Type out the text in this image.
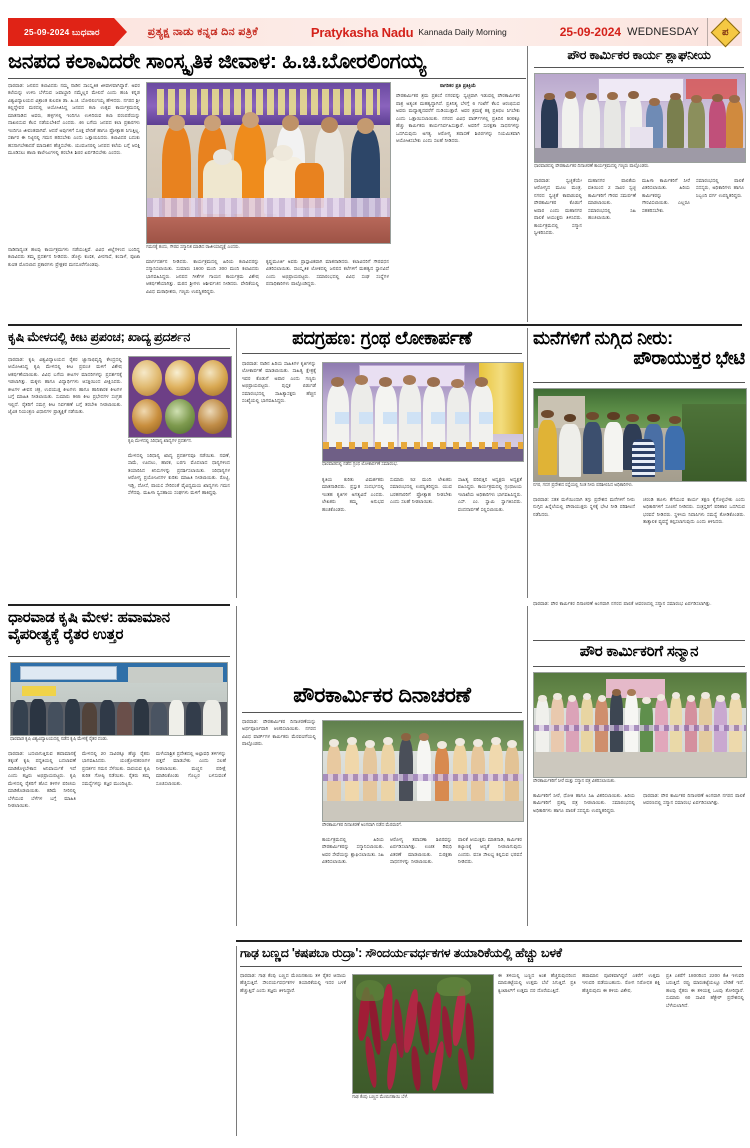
25-09-2024 ಬುಧವಾರ	ಪ್ರತ್ಯಕ್ಷ ನಾಡು ಕನ್ನಡ ದಿನ ಪತ್ರಿಕೆ	Pratykasha Nadu Kannada Daily Morning	25-09-2024 WEDNESDAY ಪ
ಜನಪದ ಕಲಾವಿದರೇ ಸಾಂಸ್ಕೃತಿಕ ಜೀವಾಳ: ಹಿ.ಚಿ.ಬೋರಲಿಂಗಯ್ಯ
ಗಮನಕ್ಕೆ ತಂದು, ಗೌರವ ಸನ್ಮಾನಿತ ಮಾಡಿದ ರಾಜೀಯಾದ್ಯಕ್ಷೆ ಎಂದರು.
ಧಾರವಾಡ: ಜನಪದ ಕಲಾವಿದರು ನಮ್ಮ ನಾಡಿನ ಸಾಂಸ್ಕೃತಿಕ ಜೀವಾಳವಾಗಿದ್ದಾರೆ. ಅವರ ಕಲೆಯನ್ನು ಉಳಿಸಿ ಬೆಳೆಸುವ ಜವಾಬ್ದಾರಿ ನಮ್ಮೆಲ್ಲರ ಮೇಲಿದೆ ಎಂದು ಹಂಪಿ ಕನ್ನಡ ವಿಶ್ವವಿದ್ಯಾಲಯದ ವಿಶ್ರಾಂತ ಕುಲಪತಿ ಡಾ. ಹಿ.ಚಿ. ಬೋರಲಿಂಗಯ್ಯ ಹೇಳಿದರು. ನಗರದ ಶ್ರೀ ಕಲ್ಲಿದ್ದೇವರ ಮಠದಲ್ಲಿ ಆಯೋಜಿಸಿದ್ದ ಜನಪದ ಕಲಾ ಉತ್ಸವ ಕಾರ್ಯಕ್ರಮದಲ್ಲಿ ಮಾತನಾಡಿದ ಅವರು, ಹಳ್ಳಿಗಳಲ್ಲಿ ಇಂದಿಗೂ ಉಳಿದಿರುವ ಕಲಾ ಪರಂಪರೆಯನ್ನು ದಾಖಲಿಸುವ ಕೆಲಸ ನಡೆಯಬೇಕಿದೆ ಎಂದರು. 46 ಬಗೆಯ ಜನಪದ ಕಲಾ ಪ್ರಕಾರಗಳು ಇಂದಿಗೂ ಜೀವಂತವಾಗಿವೆ. ಆದರೆ ಅವುಗಳಿಗೆ ಸೂಕ್ತ ವೇದಿಕೆ ಹಾಗೂ ಪ್ರೋತ್ಸಾಹ ಸಿಗುತ್ತಿಲ್ಲ. ಸರ್ಕಾರ ಈ ನಿಟ್ಟಿನಲ್ಲಿ ಗಮನ ಹರಿಸಬೇಕು ಎಂದು ಒತ್ತಾಯಿಸಿದರು. ಕಲಾವಿದರ ಬದುಕು ಹಸನಾಗಬೇಕಾದರೆ ಮಾಸಾಶನ ಹೆಚ್ಚಿಸಬೇಕು. ಯುವಜನರಲ್ಲಿ ಜನಪದ ಕಲೆಯ ಬಗ್ಗೆ ಆಸಕ್ತಿ ಮೂಡಿಸಲು ಶಾಲಾ ಕಾಲೇಜುಗಳಲ್ಲಿ ತರಬೇತಿ ಶಿಬಿರ ಏರ್ಪಡಿಸಬೇಕು ಎಂದರು.
ನಾಡಿನಾದ್ಯಂತ ಹಲವು ಕಾರ್ಯಕ್ರಮಗಳು ನಡೆಯುತ್ತಿವೆ. ವಿವಿಧ ಜಿಲ್ಲೆಗಳಿಂದ ಬಂದಿದ್ದ ಕಲಾವಿದರು ತಮ್ಮ ಪ್ರದರ್ಶನ ನೀಡಿದರು. ಡೊಳ್ಳು ಕುಣಿತ, ವೀರಗಾಸೆ, ಕಂಸಾಳೆ, ಪೂಜಾ ಕುಣಿತ ಮೊದಲಾದ ಪ್ರಕಾರಗಳು ಪ್ರೇಕ್ಷಕರ ಮನಸೂರೆಗೊಂಡವು.
ಮಾರ್ಗದರ್ಶನ ನೀಡಿದರು. ಕಾರ್ಯಕ್ರಮದಲ್ಲಿ ಹಿರಿಯ ಕಲಾವಿದರನ್ನು ಸನ್ಮಾನಿಸಲಾಯಿತು. ಸುಮಾರು 1600 ಮಂದಿ 300 ಮಂದಿ ಕಲಾವಿದರು ಭಾಗವಹಿಸಿದ್ದರು. ಜನಪದ ಗೀತೆಗಳ ಗಾಯನ ಕಾರ್ಯಕ್ರಮ ವಿಶೇಷ ಆಕರ್ಷಣೆಯಾಗಿತ್ತು. ಮಠದ ಶ್ರೀಗಳು ಆಶೀರ್ವಚನ ನೀಡಿದರು. ವೇದಿಕೆಯಲ್ಲಿ ವಿವಿಧ ಮಠಾಧೀಶರು, ಗಣ್ಯರು ಉಪಸ್ಥಿತರಿದ್ದರು.
ಕೃಷ್ಣಮೂರ್ತಿ ಅವರು ಪ್ರಾಸ್ತಾವಿಕವಾಗಿ ಮಾತನಾಡಿದರು. ಕಲಾವಿದರಿಗೆ ಗೌರವಧನ ವಿತರಿಸಲಾಯಿತು. ಸಾಂಸ್ಕೃತಿಕ ಲೋಕದಲ್ಲಿ ಜನಪದ ಕಲೆಗಳಿಗೆ ಮಹತ್ವದ ಸ್ಥಾನವಿದೆ ಎಂದು ಅಭಿಪ್ರಾಯಪಟ್ಟರು. ಸಮಾರಂಭದಲ್ಲಿ ವಿವಿಧ ಸಂಘ ಸಂಸ್ಥೆಗಳ ಪದಾಧಿಕಾರಿಗಳು ಪಾಲ್ಗೊಂಡಿದ್ದರು.
ನಾಗರಿಕರ ಪ್ರತಿ ಪ್ರತಿಕ್ರಿಯೆ
ಪೌರಕಾರ್ಮಿಕರ ಶ್ರಮ ಪ್ರಶಂಸೆ ನಗರವನ್ನು ಸ್ವಚ್ಛವಾಗಿ ಇಡುವಲ್ಲಿ ಪೌರಕಾರ್ಮಿಕರ ಪಾತ್ರ ಅತ್ಯಂತ ಮಹತ್ವದ್ದಾಗಿದೆ. ಪ್ರತಿನಿತ್ಯ ಬೆಳಗ್ಗೆ 6 ಗಂಟೆಗೆ ಕೆಲಸ ಆರಂಭಿಸುವ ಅವರು ಮಧ್ಯಾಹ್ನದವರೆಗೆ ದುಡಿಯುತ್ತಾರೆ. ಅವರ ಶ್ರಮಕ್ಕೆ ತಕ್ಕ ಪ್ರತಿಫಲ ಸಿಗಬೇಕು ಎಂದು ಒತ್ತಾಯಿಸಲಾಯಿತು. ನಗರದ ವಿವಿಧ ವಾರ್ಡ್‌ಗಳಲ್ಲಿ ಪ್ರತಿದಿನ 500ಕ್ಕೂ ಹೆಚ್ಚು ಕಾರ್ಮಿಕರು ಕಾರ್ಯನಿರ್ವಹಿಸುತ್ತಾರೆ. ಅವರಿಗೆ ಸುರಕ್ಷತಾ ಸಾಧನಗಳನ್ನು ಒದಗಿಸುವುದು ಅಗತ್ಯ. ಆರೋಗ್ಯ ತಪಾಸಣೆ ಶಿಬಿರಗಳನ್ನು ನಿಯಮಿತವಾಗಿ ಆಯೋಜಿಸಬೇಕು ಎಂದು ಸಲಹೆ ನೀಡಿದರು.
ಪೌರ ಕಾರ್ಮಿಕರ ಕಾರ್ಯ ಶ್ಲಾಘನೀಯ
ಧಾರವಾಡದಲ್ಲಿ ಪೌರಕಾರ್ಮಿಕರ ದಿನಾಚರಣೆ ಕಾರ್ಯಕ್ರಮದಲ್ಲಿ ಗಣ್ಯರು ಪಾಲ್ಗೊಂಡರು.
ಧಾರವಾಡ: ಸ್ವಚ್ಛತೆಯೇ ಆರೋಗ್ಯದ ಮೂಲ ಮಂತ್ರ. ನಗರದ ಸ್ವಚ್ಛತೆ ಕಾಪಾಡುವಲ್ಲಿ ಪೌರಕಾರ್ಮಿಕರ ಕೊಡುಗೆ ಅಪಾರ ಎಂದು ಮಹಾನಗರ ಪಾಲಿಕೆ ಆಯುಕ್ತರು ತಿಳಿಸಿದರು. ಕಾರ್ಯಕ್ರಮದಲ್ಲಿ ಸನ್ಮಾನ ಸ್ವೀಕರಿಸಿದರು.
ಮಹಾನಗರ ಪಾಲಿಕೆಯ ವತಿಯಿಂದ 2 ಸಾವಿರ ಸ್ವಚ್ಛ ಕಾರ್ಮಿಕರಿಗೆ ಗೌರವ ಸಮರ್ಪಣೆ ಮಾಡಲಾಯಿತು. ಸಮಾರಂಭದಲ್ಲಿ ಸಿಹಿ ಹಂಚಲಾಯಿತು.
ಮಹಿಳಾ ಕಾರ್ಮಿಕರಿಗೆ ಸೀರೆ ವಿತರಿಸಲಾಯಿತು. ಹಿರಿಯ ಕಾರ್ಮಿಕರನ್ನು ಗೌರವಿಸಲಾಯಿತು. ಎಲ್ಲರೂ ಸಹಕರಿಸಬೇಕು.
ಸಮಾರಂಭದಲ್ಲಿ ಪಾಲಿಕೆ ಸದಸ್ಯರು, ಅಧಿಕಾರಿಗಳು ಹಾಗೂ ಸಿಬ್ಬಂದಿ ವರ್ಗ ಉಪಸ್ಥಿತರಿದ್ದರು.
ಕೃಷಿ ಮೇಳದಲ್ಲಿ ಕೀಟ ಪ್ರಪಂಚ; ಖಾದ್ಯ ಪ್ರದರ್ಶನ
ಕೃಷಿ ಮೇಳದಲ್ಲಿ ಸಿರಿಧಾನ್ಯ ಖಾದ್ಯಗಳ ಪ್ರದರ್ಶನ.
ಧಾರವಾಡ: ಕೃಷಿ ವಿಶ್ವವಿದ್ಯಾಲಯದ ರೈತರ ಜ್ಞಾನಾಭಿವೃದ್ಧಿ ಕೇಂದ್ರದಲ್ಲಿ ಆಯೋಜಿಸಿದ್ದ ಕೃಷಿ ಮೇಳದಲ್ಲಿ ಕೀಟ ಪ್ರಪಂಚ ಮಳಿಗೆ ವಿಶೇಷ ಆಕರ್ಷಣೆಯಾಯಿತು. ವಿವಿಧ ಬಗೆಯ ಕೀಟಗಳ ಮಾದರಿಗಳನ್ನು ಪ್ರದರ್ಶನಕ್ಕೆ ಇಡಲಾಗಿತ್ತು. ಮಕ್ಕಳು ಹಾಗೂ ವಿದ್ಯಾರ್ಥಿಗಳು ಆಸಕ್ತಿಯಿಂದ ವೀಕ್ಷಿಸಿದರು. ಕೀಟಗಳ ಜೀವನ ಚಕ್ರ, ಉಪಯುಕ್ತ ಕೀಟಗಳು ಹಾಗೂ ಹಾನಿಕಾರಕ ಕೀಟಗಳ ಬಗ್ಗೆ ಮಾಹಿತಿ ನೀಡಲಾಯಿತು. ಸುಮಾರು 965 ಕೀಟ ಪ್ರಭೇದಗಳ ಸಂಗ್ರಹ ಇಲ್ಲಿದೆ. ರೈತರಿಗೆ ಸಮಗ್ರ ಕೀಟ ನಿರ್ವಹಣೆ ಬಗ್ಗೆ ತರಬೇತಿ ನೀಡಲಾಯಿತು. ಜೈವಿಕ ನಿಯಂತ್ರಣ ವಿಧಾನಗಳ ಪ್ರಾತ್ಯಕ್ಷಿಕೆ ನಡೆಯಿತು.
ಮೇಳದಲ್ಲಿ ಸಿರಿಧಾನ್ಯ ಖಾದ್ಯ ಪ್ರದರ್ಶನವೂ ನಡೆಯಿತು. ನವಣೆ, ಸಾಮೆ, ಊದಲು, ಹಾರಕ, ಬರಗು ಮೊದಲಾದ ಧಾನ್ಯಗಳಿಂದ ತಯಾರಿಸಿದ ತಿನಿಸುಗಳನ್ನು ಪ್ರದರ್ಶಿಸಲಾಯಿತು. ಸಿರಿಧಾನ್ಯಗಳ ಆರೋಗ್ಯ ಪ್ರಯೋಜನಗಳ ಕುರಿತು ಮಾಹಿತಿ ನೀಡಲಾಯಿತು. ರೊಟ್ಟಿ, ಇಡ್ಲಿ, ದೋಸೆ, ಪಾಯಸ ಸೇರಿದಂತೆ ವೈವಿಧ್ಯಮಯ ಖಾದ್ಯಗಳು ಗಮನ ಸೆಳೆದವು. ಮಹಿಳಾ ಸ್ವಸಹಾಯ ಸಂಘಗಳು ಮಳಿಗೆ ಹಾಕಿದ್ದವು.
ಪದಗ್ರಹಣ: ಗ್ರಂಥ ಲೋಕಾರ್ಪಣೆ
ಧಾರವಾಡದಲ್ಲಿ ನಡೆದ ಗ್ರಂಥ ಲೋಕಾರ್ಪಣೆ ಸಮಾರಂಭ.
ಧಾರವಾಡ: ನಾಡಿನ ಹಿರಿಯ ಸಾಹಿತಿಗಳ ಕೃತಿಗಳನ್ನು ಲೋಕಾರ್ಪಣೆ ಮಾಡಲಾಯಿತು. ಸಾಹಿತ್ಯ ಕ್ಷೇತ್ರಕ್ಕೆ ಇವರ ಕೊಡುಗೆ ಅಪಾರ ಎಂದು ಗಣ್ಯರು ಅಭಿಪ್ರಾಯಪಟ್ಟರು. ಪುಸ್ತಕ ಬಿಡುಗಡೆ ಸಮಾರಂಭದಲ್ಲಿ ಸಾಹಿತ್ಯಾಸಕ್ತರು ಹೆಚ್ಚಿನ ಸಂಖ್ಯೆಯಲ್ಲಿ ಭಾಗವಹಿಸಿದ್ದರು.
ಕೃತಿಯ ಕುರಿತು ವಿಮರ್ಶಕರು ಮಾತನಾಡಿದರು. ಪ್ರಸ್ತುತ ಸಂದರ್ಭದಲ್ಲಿ ಇಂತಹ ಕೃತಿಗಳ ಅಗತ್ಯವಿದೆ ಎಂದರು. ಲೇಖಕರು ತಮ್ಮ ಅನುಭವ ಹಂಚಿಕೊಂಡರು.
ಸುಮಾರು 52 ಮಂದಿ ಲೇಖಕರು ಸಮಾರಂಭದಲ್ಲಿ ಉಪಸ್ಥಿತರಿದ್ದರು. ಯುವ ಬರಹಗಾರರಿಗೆ ಪ್ರೋತ್ಸಾಹ ನೀಡಬೇಕು ಎಂದು ಸಲಹೆ ನೀಡಲಾಯಿತು.
ಸಾಹಿತ್ಯ ಪರಿಷತ್ತಿನ ಅಧ್ಯಕ್ಷರು ಅಧ್ಯಕ್ಷತೆ ವಹಿಸಿದ್ದರು. ಕಾರ್ಯಕ್ರಮದಲ್ಲಿ ಗ್ರಂಥಾಲಯ ಇಲಾಖೆಯ ಅಧಿಕಾರಿಗಳು ಭಾಗವಹಿಸಿದ್ದರು. ಎಸ್. ಎಂ. ಸ್ವಾಮಿ ಸ್ವಾಗತಿಸಿದರು. ವಂದನಾರ್ಪಣೆ ಸಲ್ಲಿಸಲಾಯಿತು.
ಮನೆಗಳಿಗೆ ನುಗ್ಗಿದ ನೀರು:
ಪೌರಾಯುಕ್ತರ ಭೇಟಿ
ನಗರ, ಗದಗ ಪ್ರದೇಶದ ರಸ್ತೆಯಲ್ಲಿ ನಿಂತ ನೀರು ಪರಿಶೀಲಿಸಿದ ಅಧಿಕಾರಿಗಳು.
ಧಾರವಾಡ: ಸತತ ಮಳೆಯಿಂದಾಗಿ ತಗ್ಗು ಪ್ರದೇಶದ ಮನೆಗಳಿಗೆ ನೀರು ನುಗ್ಗಿದ ಹಿನ್ನೆಲೆಯಲ್ಲಿ ಪೌರಾಯುಕ್ತರು ಸ್ಥಳಕ್ಕೆ ಭೇಟಿ ನೀಡಿ ಪರಿಶೀಲನೆ ನಡೆಸಿದರು.
ಚರಂಡಿ ಹೂಳು ತೆಗೆಯುವ ಕಾರ್ಯ ತಕ್ಷಣ ಕೈಗೊಳ್ಳಬೇಕು ಎಂದು ಅಧಿಕಾರಿಗಳಿಗೆ ಸೂಚನೆ ನೀಡಿದರು. ಸಂತ್ರಸ್ತರಿಗೆ ಪರಿಹಾರ ಒದಗಿಸುವ ಭರವಸೆ ನೀಡಿದರು. ಸ್ಥಳೀಯ ನಿವಾಸಿಗಳು ಸಮಸ್ಯೆ ತೋಡಿಕೊಂಡರು. ತಾತ್ಕಾಲಿಕ ವ್ಯವಸ್ಥೆ ಕಲ್ಪಿಸಲಾಗುವುದು ಎಂದು ತಿಳಿಸಿದರು.
ಧಾರವಾಡ ಕೃಷಿ ಮೇಳ: ಹವಾಮಾನ
ವೈಪರೀತ್ಯಕ್ಕೆ ರೈತರ ಉತ್ತರ
ಧಾರವಾಡ ಕೃಷಿ ವಿಶ್ವವಿದ್ಯಾಲಯದಲ್ಲಿ ನಡೆದ ಕೃಷಿ ಮೇಳಕ್ಕೆ ರೈತರ ದಂಡು.
ಧಾರವಾಡ: ಬದಲಾಗುತ್ತಿರುವ ಹವಾಮಾನಕ್ಕೆ ತಕ್ಕಂತೆ ಕೃಷಿ ಪದ್ಧತಿಯಲ್ಲಿ ಬದಲಾವಣೆ ಮಾಡಿಕೊಳ್ಳಬೇಕಾದ ಅನಿವಾರ್ಯತೆ ಇದೆ ಎಂದು ತಜ್ಞರು ಅಭಿಪ್ರಾಯಪಟ್ಟರು. ಕೃಷಿ ಮೇಳದಲ್ಲಿ ರೈತರಿಗೆ ಹೊಸ ತಳಿಗಳ ಪರಿಚಯ ಮಾಡಿಕೊಡಲಾಯಿತು. ಕಡಿಮೆ ನೀರಿನಲ್ಲಿ ಬೆಳೆಯುವ ಬೆಳೆಗಳ ಬಗ್ಗೆ ಮಾಹಿತಿ ನೀಡಲಾಯಿತು.
ಮೇಳದಲ್ಲಿ 20 ಸಾವಿರಕ್ಕೂ ಹೆಚ್ಚು ರೈತರು ಭಾಗವಹಿಸಿದರು. ಯಂತ್ರೋಪಕರಣಗಳ ಪ್ರದರ್ಶನ ಗಮನ ಸೆಳೆಯಿತು. ಸಾವಯವ ಕೃಷಿ ಕುರಿತ ಗೋಷ್ಠಿ ನಡೆಯಿತು. ರೈತರು ತಮ್ಮ ಸಮಸ್ಯೆಗಳನ್ನು ತಜ್ಞರ ಮುಂದಿಟ್ಟರು.
ಮಳೆಯಾಶ್ರಿತ ಪ್ರದೇಶದಲ್ಲಿ ಅಲ್ಪಾವಧಿ ತಳಿಗಳನ್ನು ಬಿತ್ತನೆ ಮಾಡಬೇಕು ಎಂದು ಸಲಹೆ ನೀಡಲಾಯಿತು. ಮಣ್ಣಿನ ಪರೀಕ್ಷೆ ಮಾಡಿಸಿಕೊಂಡು ಗೊಬ್ಬರ ಬಳಸುವಂತೆ ಸೂಚಿಸಲಾಯಿತು.
ಪೌರಕಾರ್ಮಿಕರ ದಿನಾಚರಣೆ
ಪೌರಕಾರ್ಮಿಕರ ದಿನಾಚರಣೆ ಅಂಗವಾಗಿ ನಡೆದ ಮೆರವಣಿಗೆ.
ಧಾರವಾಡ: ಪೌರಕಾರ್ಮಿಕರ ದಿನಾಚರಣೆಯನ್ನು ಅರ್ಥಪೂರ್ಣವಾಗಿ ಆಚರಿಸಲಾಯಿತು. ನಗರದ ವಿವಿಧ ವಾರ್ಡ್‌ಗಳ ಕಾರ್ಮಿಕರು ಮೆರವಣಿಗೆಯಲ್ಲಿ ಪಾಲ್ಗೊಂಡರು.
ಕಾರ್ಯಕ್ರಮದಲ್ಲಿ ಹಿರಿಯ ಪೌರಕಾರ್ಮಿಕರನ್ನು ಸನ್ಮಾನಿಸಲಾಯಿತು. ಅವರ ಸೇವೆಯನ್ನು ಶ್ಲಾಘಿಸಲಾಯಿತು. ಸಿಹಿ ವಿತರಿಸಲಾಯಿತು.
ಆರೋಗ್ಯ ತಪಾಸಣಾ ಶಿಬಿರವನ್ನು ಏರ್ಪಡಿಸಲಾಗಿತ್ತು. ಉಚಿತ ಔಷಧಿ ವಿತರಣೆ ಮಾಡಲಾಯಿತು. ಸುರಕ್ಷತಾ ಸಾಧನಗಳನ್ನು ನೀಡಲಾಯಿತು.
ಪಾಲಿಕೆ ಆಯುಕ್ತರು ಮಾತನಾಡಿ, ಕಾರ್ಮಿಕರ ಕಲ್ಯಾಣಕ್ಕೆ ಆದ್ಯತೆ ನೀಡಲಾಗುವುದು ಎಂದರು. ವಸತಿ ಸೌಲಭ್ಯ ಕಲ್ಪಿಸುವ ಭರವಸೆ ನೀಡಿದರು.
ಧಾರವಾಡ: ಪೌರ ಕಾರ್ಮಿಕರ ದಿನಾಚರಣೆ ಅಂಗವಾಗಿ ನಗರದ ಪಾಲಿಕೆ ಆವರಣದಲ್ಲಿ ಸನ್ಮಾನ ಸಮಾರಂಭ ಏರ್ಪಡಿಸಲಾಗಿತ್ತು.
ಪೌರ ಕಾರ್ಮಿಕರಿಗೆ ಸನ್ಮಾನ
ಪೌರಕಾರ್ಮಿಕರಿಗೆ ಸೀರೆ ಮತ್ತು ಸನ್ಮಾನ ಪತ್ರ ವಿತರಿಸಲಾಯಿತು.
ಕಾರ್ಮಿಕರಿಗೆ ಸೀರೆ, ಧೋತಿ ಹಾಗೂ ಸಿಹಿ ವಿತರಿಸಲಾಯಿತು. ಹಿರಿಯ ಕಾರ್ಮಿಕರಿಗೆ ಪ್ರಶಸ್ತಿ ಪತ್ರ ನೀಡಲಾಯಿತು. ಸಮಾರಂಭದಲ್ಲಿ ಅಧಿಕಾರಿಗಳು ಹಾಗೂ ಪಾಲಿಕೆ ಸದಸ್ಯರು ಉಪಸ್ಥಿತರಿದ್ದರು.
ಧಾರವಾಡ: ಪೌರ ಕಾರ್ಮಿಕರ ದಿನಾಚರಣೆ ಅಂಗವಾಗಿ ನಗರದ ಪಾಲಿಕೆ ಆವರಣದಲ್ಲಿ ಸನ್ಮಾನ ಸಮಾರಂಭ ಏರ್ಪಡಿಸಲಾಗಿತ್ತು.
ಗಾಢ ಬಣ್ಣದ 'ಕಷಪಬಾ ರುದ್ರಾ': ಸೌಂದರ್ಯವರ್ಧಕಗಳ ತಯಾರಿಕೆಯಲ್ಲಿ ಹೆಚ್ಚು ಬಳಕೆ
ಗಾಢ ಕೆಂಪು ಬಣ್ಣದ ಮೆಣಸಿನಕಾಯಿ ಬೆಳೆ.
ಧಾರವಾಡ: ಗಾಢ ಕೆಂಪು ಬಣ್ಣದ ಮೆಣಸಿನಕಾಯಿ ತಳಿ ರೈತರ ಆದಾಯ ಹೆಚ್ಚಿಸುತ್ತಿದೆ. ಸೌಂದರ್ಯವರ್ಧಕಗಳ ತಯಾರಿಕೆಯಲ್ಲಿ ಇದರ ಬಳಕೆ ಹೆಚ್ಚುತ್ತಿದೆ ಎಂದು ತಜ್ಞರು ತಿಳಿಸಿದ್ದಾರೆ.
ಈ ತಳಿಯಲ್ಲಿ ಬಣ್ಣದ ಅಂಶ ಹೆಚ್ಚಿರುವುದರಿಂದ ಮಾರುಕಟ್ಟೆಯಲ್ಲಿ ಉತ್ತಮ ಬೆಲೆ ಸಿಗುತ್ತಿದೆ. ಪ್ರತಿ ಕ್ವಿಂಟಾಲ್‌ಗೆ ಉತ್ತಮ ದರ ದೊರೆಯುತ್ತಿದೆ.
ಹವಾಮಾನ ಪೂರಕವಾಗಿದ್ದರೆ ಎಕರೆಗೆ ಉತ್ತಮ ಇಳುವರಿ ಪಡೆಯಬಹುದು. ರೋಗ ನಿರೋಧಕ ಶಕ್ತಿ ಹೆಚ್ಚಿರುವುದು ಈ ತಳಿಯ ವಿಶೇಷ.
ಪ್ರತಿ ಎಕರೆಗೆ 1800ರಿಂದ 2200 ಕೆಜಿ ಇಳುವರಿ ಬರುತ್ತಿದೆ. ರಫ್ತು ಮಾರುಕಟ್ಟೆಯಲ್ಲೂ ಬೇಡಿಕೆ ಇದೆ. ಹಲವು ರೈತರು ಈ ತಳಿಯತ್ತ ಒಲವು ತೋರಿದ್ದಾರೆ. ಸುಮಾರು 60 ಸಾವಿರ ಹೆಕ್ಟೇರ್ ಪ್ರದೇಶದಲ್ಲಿ ಬೆಳೆಯಲಾಗಿದೆ.
